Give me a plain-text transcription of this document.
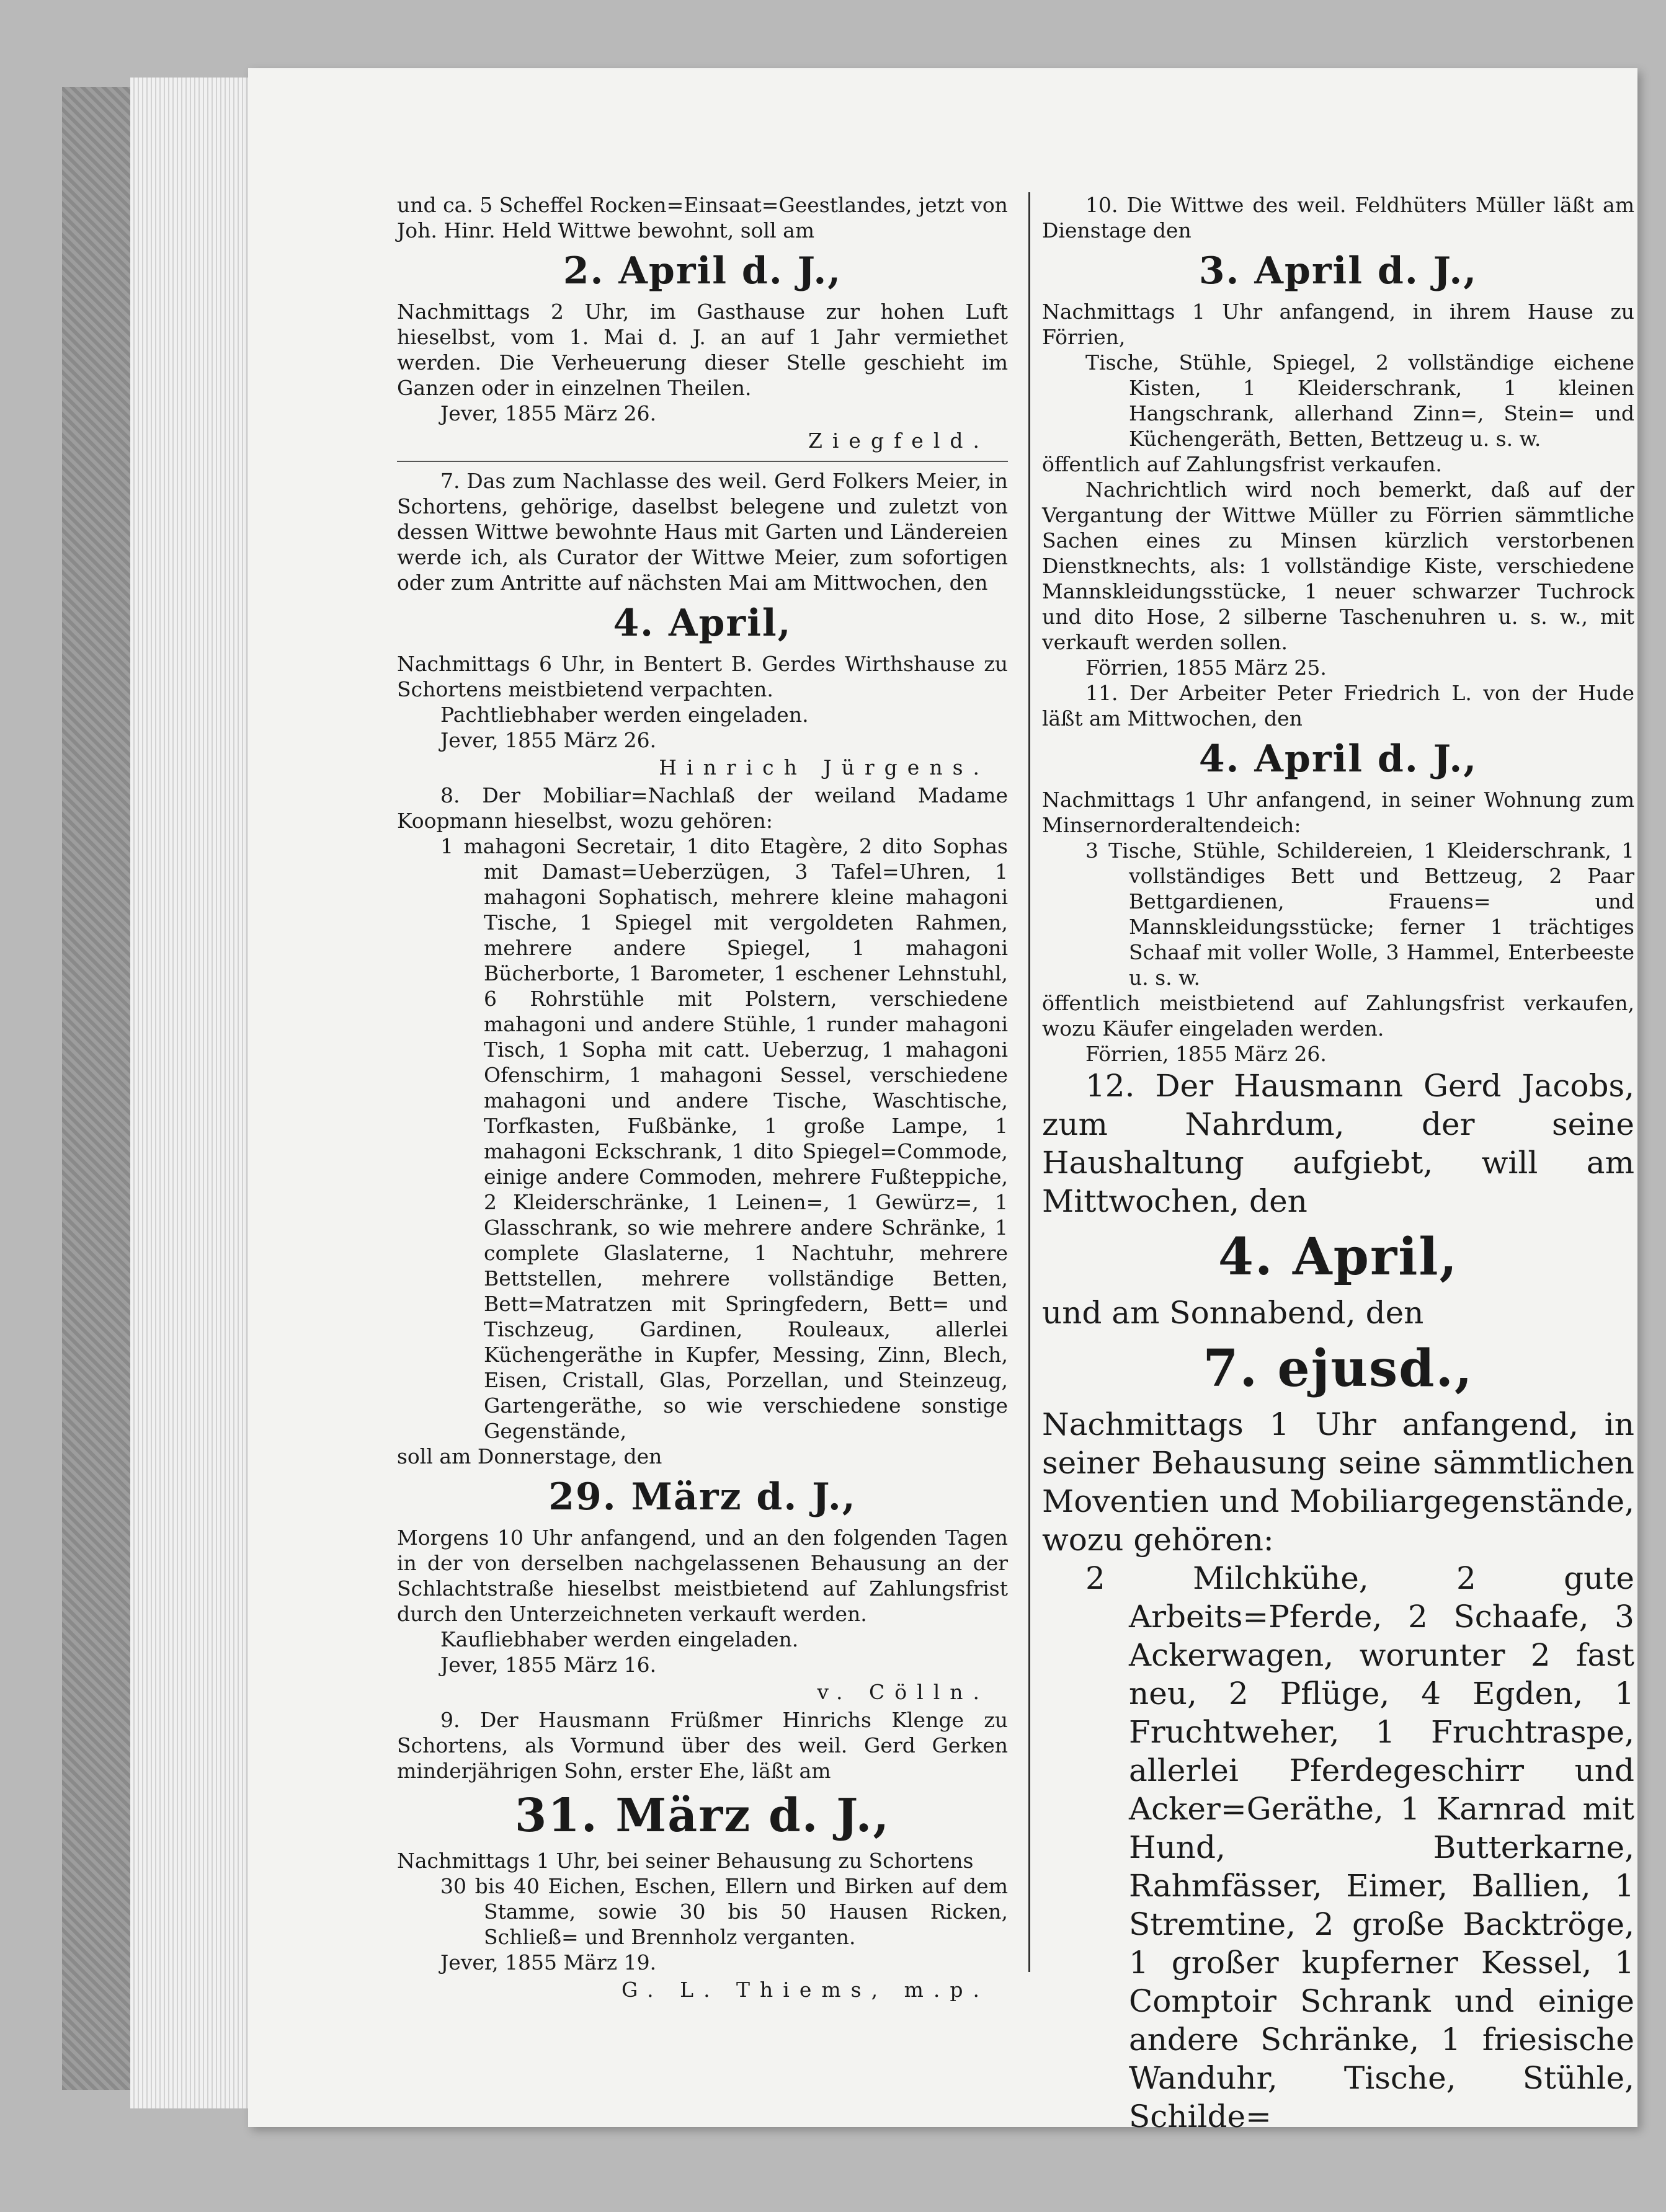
und ca. 5 Scheffel Rocken=Einsaat=Geestlandes, jetzt von

Joh. Hinr. Held Wittwe bewohnt, soll am

2. April d. J.,

Nachmittags 2 Uhr, im Gasthause zur hohen Luft hieselbst, vom 1. Mai d. J. an auf 1 Jahr vermiethet werden. Die Verheuerung dieser Stelle geschieht im Ganzen oder in einzelnen Theilen.

Jever, 1855 März 26.

Ziegfeld.

7. Das zum Nachlasse des weil. Gerd Folkers Meier, in Schortens, gehörige, daselbst belegene und zuletzt von dessen Wittwe bewohnte Haus mit Garten und Ländereien werde ich, als Curator der Wittwe Meier, zum sofortigen oder zum Antritte auf nächsten Mai am Mittwochen, den

4. April,

Nachmittags 6 Uhr, in Bentert B. Gerdes Wirthshause zu Schortens meistbietend verpachten.

Pachtliebhaber werden eingeladen.

Jever, 1855 März 26.

Hinrich Jürgens.

8. Der Mobiliar=Nachlaß der weiland Madame Koopmann hieselbst, wozu gehören:

1 mahagoni Secretair, 1 dito Etagère, 2 dito Sophas mit Damast=Ueberzügen, 3 Tafel=Uhren, 1 mahagoni Sophatisch, mehrere kleine mahagoni Tische, 1 Spiegel mit vergoldeten Rahmen, mehrere andere Spiegel, 1 mahagoni Bücherborte, 1 Barometer, 1 eschener Lehnstuhl, 6 Rohrstühle mit Polstern, verschiedene mahagoni und andere Stühle, 1 runder mahagoni Tisch, 1 Sopha mit catt. Ueberzug, 1 mahagoni Ofenschirm, 1 mahagoni Sessel, verschiedene mahagoni und andere Tische, Waschtische, Torfkasten, Fußbänke, 1 große Lampe, 1 mahagoni Eckschrank, 1 dito Spiegel=Commode, einige andere Commoden, mehrere Fußteppiche, 2 Kleiderschränke, 1 Leinen=, 1 Gewürz=, 1 Glasschrank, so wie mehrere andere Schränke, 1 complete Glaslaterne, 1 Nachtuhr, mehrere Bettstellen, mehrere vollständige Betten, Bett=Matratzen mit Springfedern, Bett= und Tischzeug, Gardinen, Rouleaux, allerlei Küchengeräthe in Kupfer, Messing, Zinn, Blech, Eisen, Cristall, Glas, Porzellan, und Steinzeug, Gartengeräthe, so wie verschiedene sonstige Gegenstände,

soll am Donnerstage, den

29. März d. J.,

Morgens 10 Uhr anfangend, und an den folgenden Tagen in der von derselben nachgelassenen Behausung an der Schlachtstraße hieselbst meistbietend auf Zahlungsfrist durch den Unterzeichneten verkauft werden.

Kaufliebhaber werden eingeladen.

Jever, 1855 März 16.

v. Cölln.

9. Der Hausmann Früßmer Hinrichs Klenge zu Schortens, als Vormund über des weil. Gerd Gerken minderjährigen Sohn, erster Ehe, läßt am

31. März d. J.,

Nachmittags 1 Uhr, bei seiner Behausung zu Schortens

30 bis 40 Eichen, Eschen, Ellern und Birken auf dem Stamme, sowie 30 bis 50 Hausen Ricken, Schließ= und Brennholz verganten.

Jever, 1855 März 19.

G. L. Thiems, m.p.

10. Die Wittwe des weil. Feldhüters Müller läßt am Dienstage den

3. April d. J.,

Nachmittags 1 Uhr anfangend, in ihrem Hause zu Förrien,

Tische, Stühle, Spiegel, 2 vollständige eichene Kisten, 1 Kleiderschrank, 1 kleinen Hangschrank, allerhand Zinn=, Stein= und Küchengeräth, Betten, Bettzeug u. s. w.

öffentlich auf Zahlungsfrist verkaufen.

Nachrichtlich wird noch bemerkt, daß auf der Vergantung der Wittwe Müller zu Förrien sämmtliche Sachen eines zu Minsen kürzlich verstorbenen Dienstknechts, als: 1 vollständige Kiste, verschiedene Mannskleidungsstücke, 1 neuer schwarzer Tuchrock und dito Hose, 2 silberne Taschenuhren u. s. w., mit verkauft werden sollen.

Förrien, 1855 März 25.

11. Der Arbeiter Peter Friedrich L. von der Hude läßt am Mittwochen, den

4. April d. J.,

Nachmittags 1 Uhr anfangend, in seiner Wohnung zum Minsernorderaltendeich:

3 Tische, Stühle, Schildereien, 1 Kleiderschrank, 1 vollständiges Bett und Bettzeug, 2 Paar Bettgardienen, Frauens= und Mannskleidungsstücke; ferner 1 trächtiges Schaaf mit voller Wolle, 3 Hammel, Enterbeeste u. s. w.

öffentlich meistbietend auf Zahlungsfrist verkaufen, wozu Käufer eingeladen werden.

Förrien, 1855 März 26.

12. Der Hausmann Gerd Jacobs, zum Nahrdum, der seine Haushaltung aufgiebt, will am Mittwochen, den

4. April,

und am Sonnabend, den

7. ejusd.,

Nachmittags 1 Uhr anfangend, in seiner Behausung seine sämmtlichen Moventien und Mobiliargegenstände, wozu gehören:

2 Milchkühe, 2 gute Arbeits=Pferde, 2 Schaafe, 3 Ackerwagen, worunter 2 fast neu, 2 Pflüge, 4 Egden, 1 Fruchtweher, 1 Fruchtraspe, allerlei Pferdegeschirr und Acker=Geräthe, 1 Karnrad mit Hund, Butterkarne, Rahmfässer, Eimer, Ballien, 1 Stremtine, 2 große Backtröge, 1 großer kupferner Kessel, 1 Comptoir Schrank und einige andere Schränke, 1 friesische Wanduhr, Tische, Stühle, Schilde=
